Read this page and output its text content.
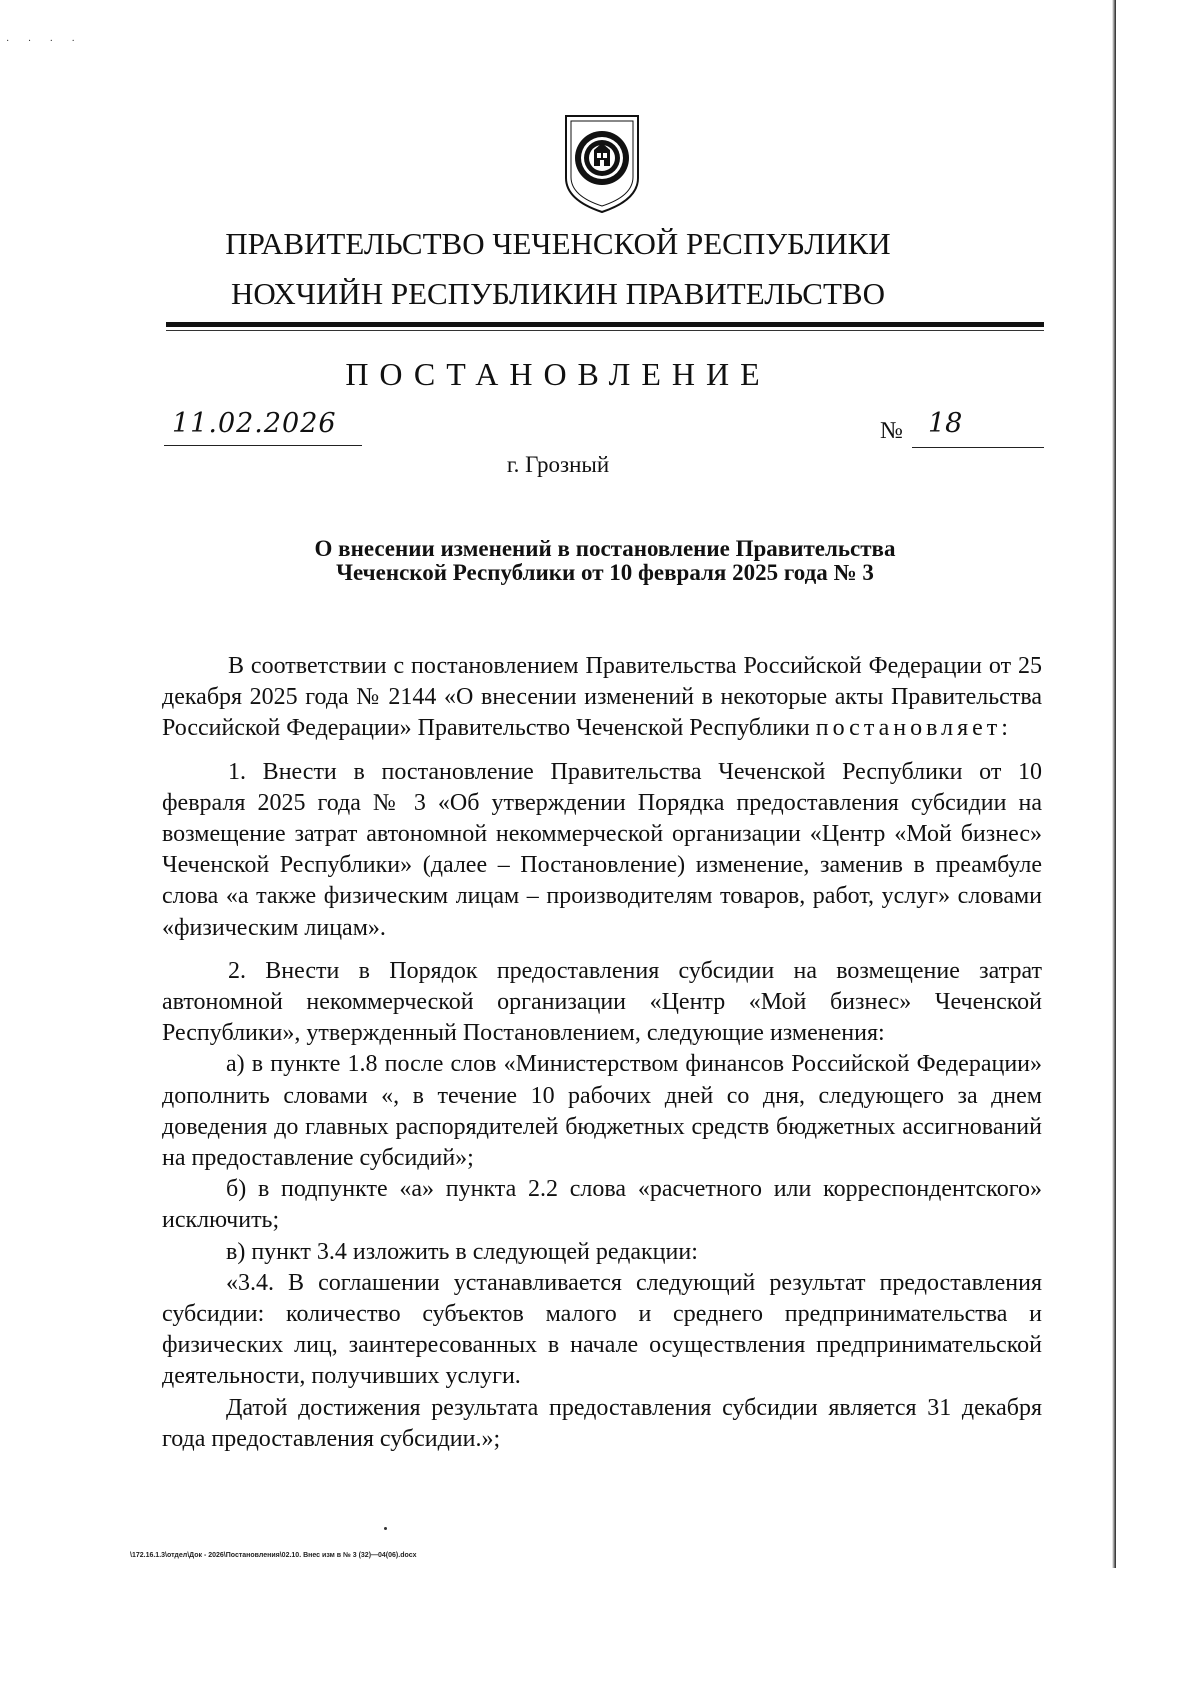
· · · ·
ПРАВИТЕЛЬСТВО ЧЕЧЕНСКОЙ РЕСПУБЛИКИ
НОХЧИЙН РЕСПУБЛИКИН ПРАВИТЕЛЬСТВО
ПОСТАНОВЛЕНИЕ
11.02.2026	№ 18
г. Грозный
О внесении изменений в постановление Правительства
Чеченской Республики от 10 февраля 2025 года № 3

В соответствии с постановлением Правительства Российской Федерации от 25 декабря 2025 года № 2144 «О внесении изменений в некоторые акты Правительства Российской Федерации» Правительство Чеченской Республики постановляет:

1. Внести в постановление Правительства Чеченской Республики от 10 февраля 2025 года № 3 «Об утверждении Порядка предоставления субсидии на возмещение затрат автономной некоммерческой организации «Центр «Мой бизнес» Чеченской Республики» (далее – Постановление) изменение, заменив в преамбуле слова «а также физическим лицам – производителям товаров, работ, услуг» словами «физическим лицам».

2. Внести в Порядок предоставления субсидии на возмещение затрат автономной некоммерческой организации «Центр «Мой бизнес» Чеченской Республики», утвержденный Постановлением, следующие изменения:

а) в пункте 1.8 после слов «Министерством финансов Российской Федерации» дополнить словами «, в течение 10 рабочих дней со дня, следующего за днем доведения до главных распорядителей бюджетных средств бюджетных ассигнований на предоставление субсидий»;

б) в подпункте «а» пункта 2.2 слова «расчетного или корреспондентского» исключить;

в) пункт 3.4 изложить в следующей редакции:

«3.4. В соглашении устанавливается следующий результат предоставления субсидии: количество субъектов малого и среднего предпринимательства и физических лиц, заинтересованных в начале осуществления предпринимательской деятельности, получивших услуги.

Датой достижения результата предоставления субсидии является 31 декабря года предоставления субсидии.»;

\172.16.1.3\отдел\Док - 2026\Постановления\02.10. Внес изм в № 3 (32)—04(06).docx
